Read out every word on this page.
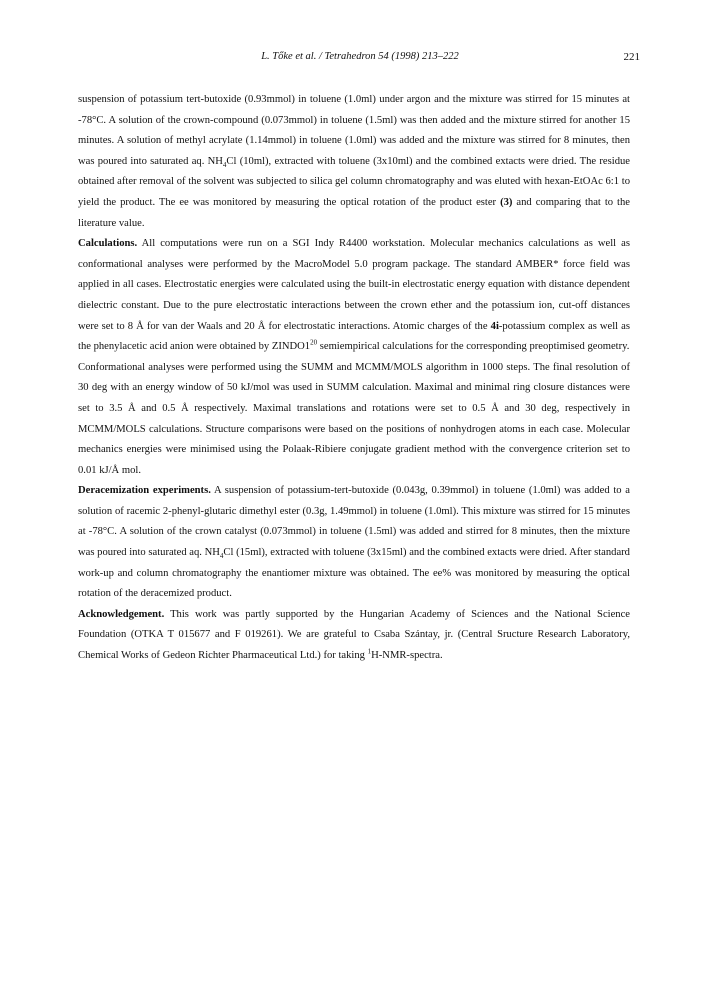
L. Tőke et al. / Tetrahedron 54 (1998) 213–222	221

suspension of potassium tert-butoxide (0.93mmol) in toluene (1.0ml) under argon and the mixture was stirred for 15 minutes at -78°C. A solution of the crown-compound (0.073mmol) in toluene (1.5ml) was then added and the mixture stirred for another 15 minutes. A solution of methyl acrylate (1.14mmol) in toluene (1.0ml) was added and the mixture was stirred for 8 minutes, then was poured into saturated aq. $NH_4Cl$ (10ml), extracted with toluene (3x10ml) and the combined extacts were dried. The residue obtained after removal of the solvent was subjected to silica gel column chromatography and was eluted with hexan-EtOAc 6:1 to yield the product. The ee was monitored by measuring the optical rotation of the product ester (3) and comparing that to the literature value.

Calculations. All computations were run on a SGI Indy R4400 workstation. Molecular mechanics calculations as well as conformational analyses were performed by the MacroModel 5.0 program package. The standard AMBER* force field was applied in all cases. Electrostatic energies were calculated using the built-in electrostatic energy equation with distance dependent dielectric constant. Due to the pure electrostatic interactions between the crown ether and the potassium ion, cut-off distances were set to 8 Å for van der Waals and 20 Å for electrostatic interactions. Atomic charges of the 4i-potassium complex as well as the phenylacetic acid anion were obtained by $ZINDO1^{20}$ semiempirical calculations for the corresponding preoptimised geometry.

Conformational analyses were performed using the SUMM and MCMM/MOLS algorithm in 1000 steps. The final resolution of 30 deg with an energy window of 50 kJ/mol was used in SUMM calculation. Maximal and minimal ring closure distances were set to 3.5 Å and 0.5 Å respectively. Maximal translations and rotations were set to 0.5 Å and 30 deg, respectively in MCMM/MOLS calculations. Structure comparisons were based on the positions of nonhydrogen atoms in each case. Molecular mechanics energies were minimised using the Polaak-Ribiere conjugate gradient method with the convergence criterion set to 0.01 kJ/Å mol.

Deracemization experiments. A suspension of potassium-tert-butoxide (0.043g, 0.39mmol) in toluene (1.0ml) was added to a solution of racemic 2-phenyl-glutaric dimethyl ester (0.3g, 1.49mmol) in toluene (1.0ml). This mixture was stirred for 15 minutes at -78°C. A solution of the crown catalyst (0.073mmol) in toluene (1.5ml) was added and stirred for 8 minutes, then the mixture was poured into saturated aq. $NH_4Cl$ (15ml), extracted with toluene (3x15ml) and the combined extacts were dried. After standard work-up and column chromatography the enantiomer mixture was obtained. The ee% was monitored by measuring the optical rotation of the deracemized product.

Acknowledgement. This work was partly supported by the Hungarian Academy of Sciences and the National Science Foundation (OTKA T 015677 and F 019261). We are grateful to Csaba Szántay, jr. (Central Sructure Research Laboratory, Chemical Works of Gedeon Richter Pharmaceutical Ltd.) for taking $^1$H-NMR-spectra.
